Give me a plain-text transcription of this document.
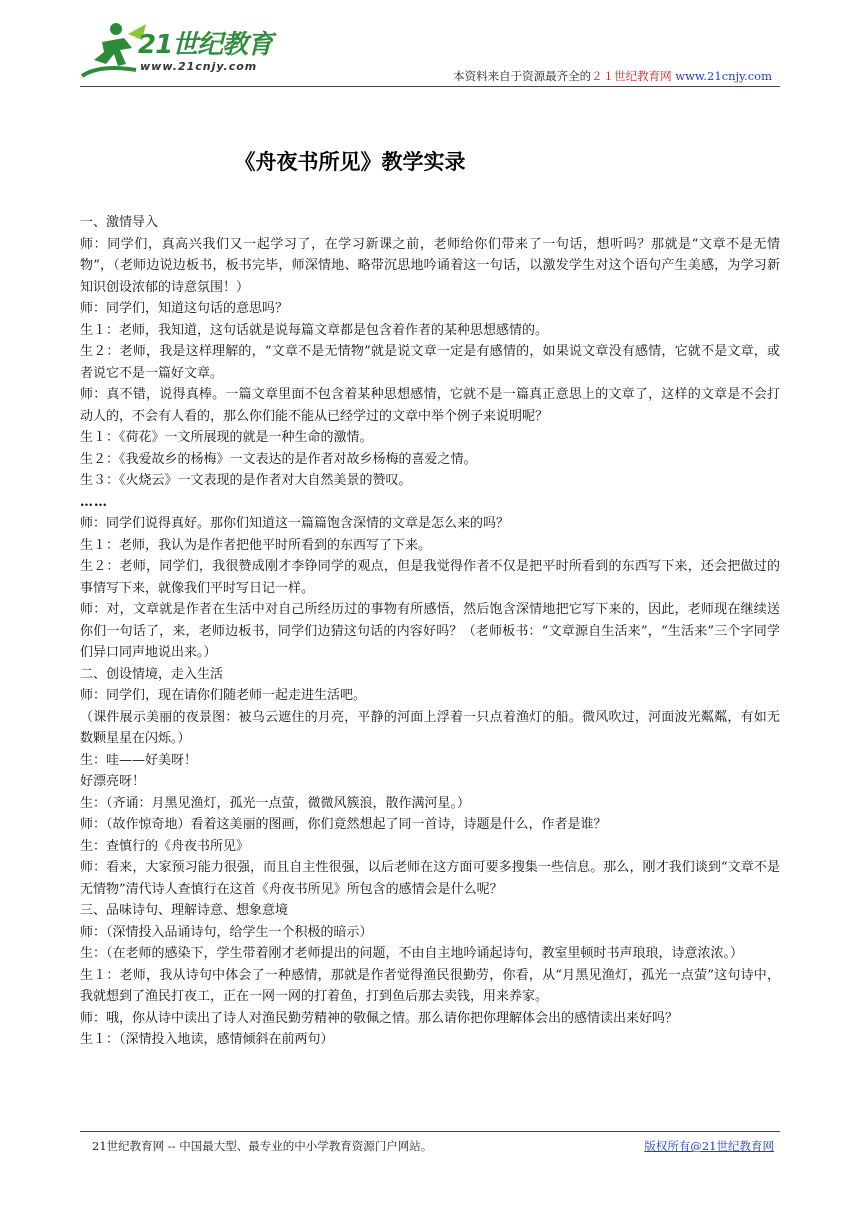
21世纪教育
www.21cnjy.com
本资料来自于资源最齐全的２１世纪教育网 www.21cnjy.com
《舟夜书所见》教学实录

一、激情导入

师：同学们，真高兴我们又一起学习了，在学习新课之前，老师给你们带来了一句话，想听吗？那就是“文章不是无情物”，（老师边说边板书，板书完毕，师深情地、略带沉思地吟诵着这一句话，以激发学生对这个语句产生美感，为学习新知识创设浓郁的诗意氛围！）

师：同学们，知道这句话的意思吗？

生１：老师，我知道，这句话就是说每篇文章都是包含着作者的某种思想感情的。

生２：老师，我是这样理解的，“文章不是无情物”就是说文章一定是有感情的，如果说文章没有感情，它就不是文章，或者说它不是一篇好文章。

师：真不错，说得真棒。一篇文章里面不包含着某种思想感情，它就不是一篇真正意思上的文章了，这样的文章是不会打动人的，不会有人看的，那么你们能不能从已经学过的文章中举个例子来说明呢？

生１：《荷花》一文所展现的就是一种生命的激情。

生２：《我爱故乡的杨梅》一文表达的是作者对故乡杨梅的喜爱之情。

生３：《火烧云》一文表现的是作者对大自然美景的赞叹。

……

师：同学们说得真好。那你们知道这一篇篇饱含深情的文章是怎么来的吗？

生１：老师，我认为是作者把他平时所看到的东西写了下来。

生２：老师，同学们，我很赞成刚才李铮同学的观点，但是我觉得作者不仅是把平时所看到的东西写下来，还会把做过的事情写下来，就像我们平时写日记一样。

师：对，文章就是作者在生活中对自己所经历过的事物有所感悟，然后饱含深情地把它写下来的，因此，老师现在继续送你们一句话了，来，老师边板书，同学们边猜这句话的内容好吗？（老师板书：“文章源自生活来”，“生活来”三个字同学们异口同声地说出来。）

二、创设情境，走入生活

师：同学们，现在请你们随老师一起走进生活吧。

（课件展示美丽的夜景图：被乌云遮住的月亮，平静的河面上浮着一只点着渔灯的船。微风吹过，河面波光粼粼，有如无数颗星星在闪烁。）

生：哇——好美呀！

好漂亮呀！

生：（齐诵：月黑见渔灯，孤光一点萤，微微风簇浪，散作满河星。）

师：（故作惊奇地）看着这美丽的图画，你们竟然想起了同一首诗，诗题是什么，作者是谁？

生：查慎行的《舟夜书所见》

师：看来，大家预习能力很强，而且自主性很强，以后老师在这方面可要多搜集一些信息。那么，刚才我们谈到“文章不是无情物”清代诗人查慎行在这首《舟夜书所见》所包含的感情会是什么呢？

三、品味诗句、理解诗意、想象意境

师：（深情投入品诵诗句，给学生一个积极的暗示）

生：（在老师的感染下，学生带着刚才老师提出的问题，不由自主地吟诵起诗句，教室里顿时书声琅琅，诗意浓浓。）

生１：老师，我从诗句中体会了一种感情，那就是作者觉得渔民很勤劳，你看，从“月黑见渔灯，孤光一点萤”这句诗中，我就想到了渔民打夜工，正在一网一网的打着鱼，打到鱼后那去卖钱，用来养家。

师：哦，你从诗中读出了诗人对渔民勤劳精神的敬佩之情。那么请你把你理解体会出的感情读出来好吗？

生１：（深情投入地读，感情倾斜在前两句）

21世纪教育网 -- 中国最大型、最专业的中小学教育资源门户网站。	版权所有@21世纪教育网
